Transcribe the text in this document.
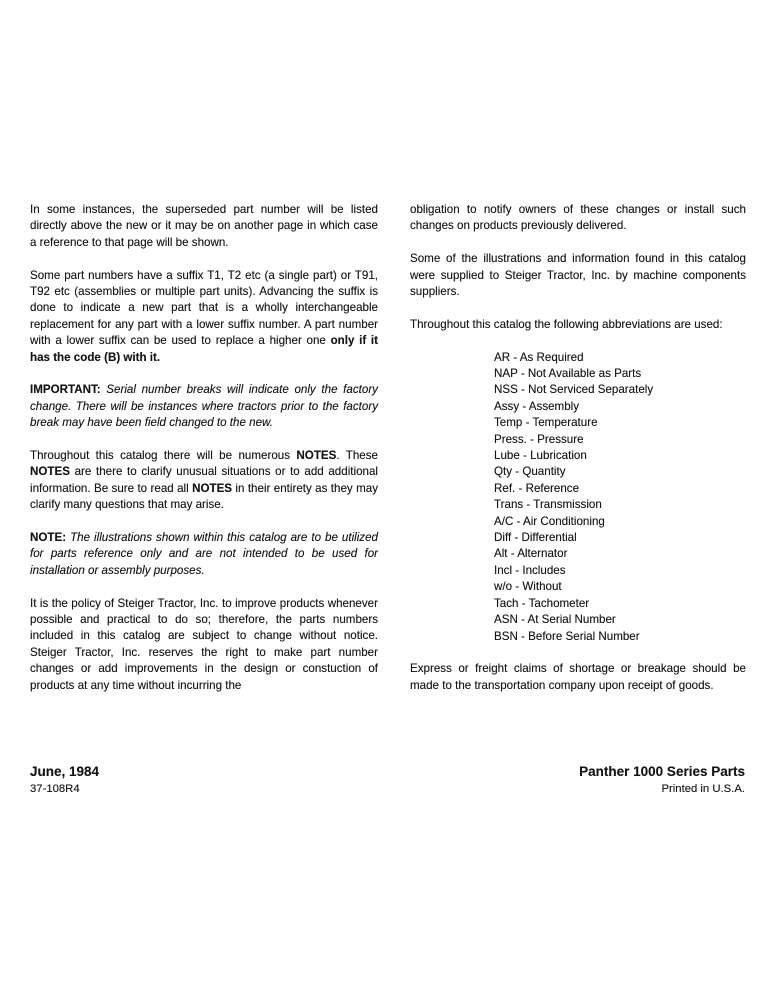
In some instances, the superseded part number will be listed directly above the new or it may be on another page in which case a reference to that page will be shown.

Some part numbers have a suffix T1, T2 etc (a single part) or T91, T92 etc (assemblies or multiple part units). Advancing the suffix is done to indicate a new part that is a wholly interchangeable replacement for any part with a lower suffix number. A part number with a lower suffix can be used to replace a higher one only if it has the code (B) with it.

IMPORTANT: Serial number breaks will indicate only the factory change. There will be instances where tractors prior to the factory break may have been field changed to the new.

Throughout this catalog there will be numerous NOTES. These NOTES are there to clarify unusual situations or to add additional information. Be sure to read all NOTES in their entirety as they may clarify many questions that may arise.

NOTE: The illustrations shown within this catalog are to be utilized for parts reference only and are not intended to be used for installation or assembly purposes.

It is the policy of Steiger Tractor, Inc. to improve products whenever possible and practical to do so; therefore, the parts numbers included in this catalog are subject to change without notice. Steiger Tractor, Inc. reserves the right to make part number changes or add improvements in the design or constuction of products at any time without incurring the

obligation to notify owners of these changes or install such changes on products previously delivered.

Some of the illustrations and information found in this catalog were supplied to Steiger Tractor, Inc. by machine components suppliers.

Throughout this catalog the following abbreviations are used:

AR - As Required
NAP - Not Available as Parts
NSS - Not Serviced Separately
Assy - Assembly
Temp - Temperature
Press. - Pressure
Lube - Lubrication
Qty - Quantity
Ref. - Reference
Trans - Transmission
A/C - Air Conditioning
Diff - Differential
Alt - Alternator
Incl - Includes
w/o - Without
Tach - Tachometer
ASN - At Serial Number
BSN - Before Serial Number

Express or freight claims of shortage or breakage should be made to the transportation company upon receipt of goods.

June, 1984
37-108R4
Panther 1000 Series Parts
Printed in U.S.A.
